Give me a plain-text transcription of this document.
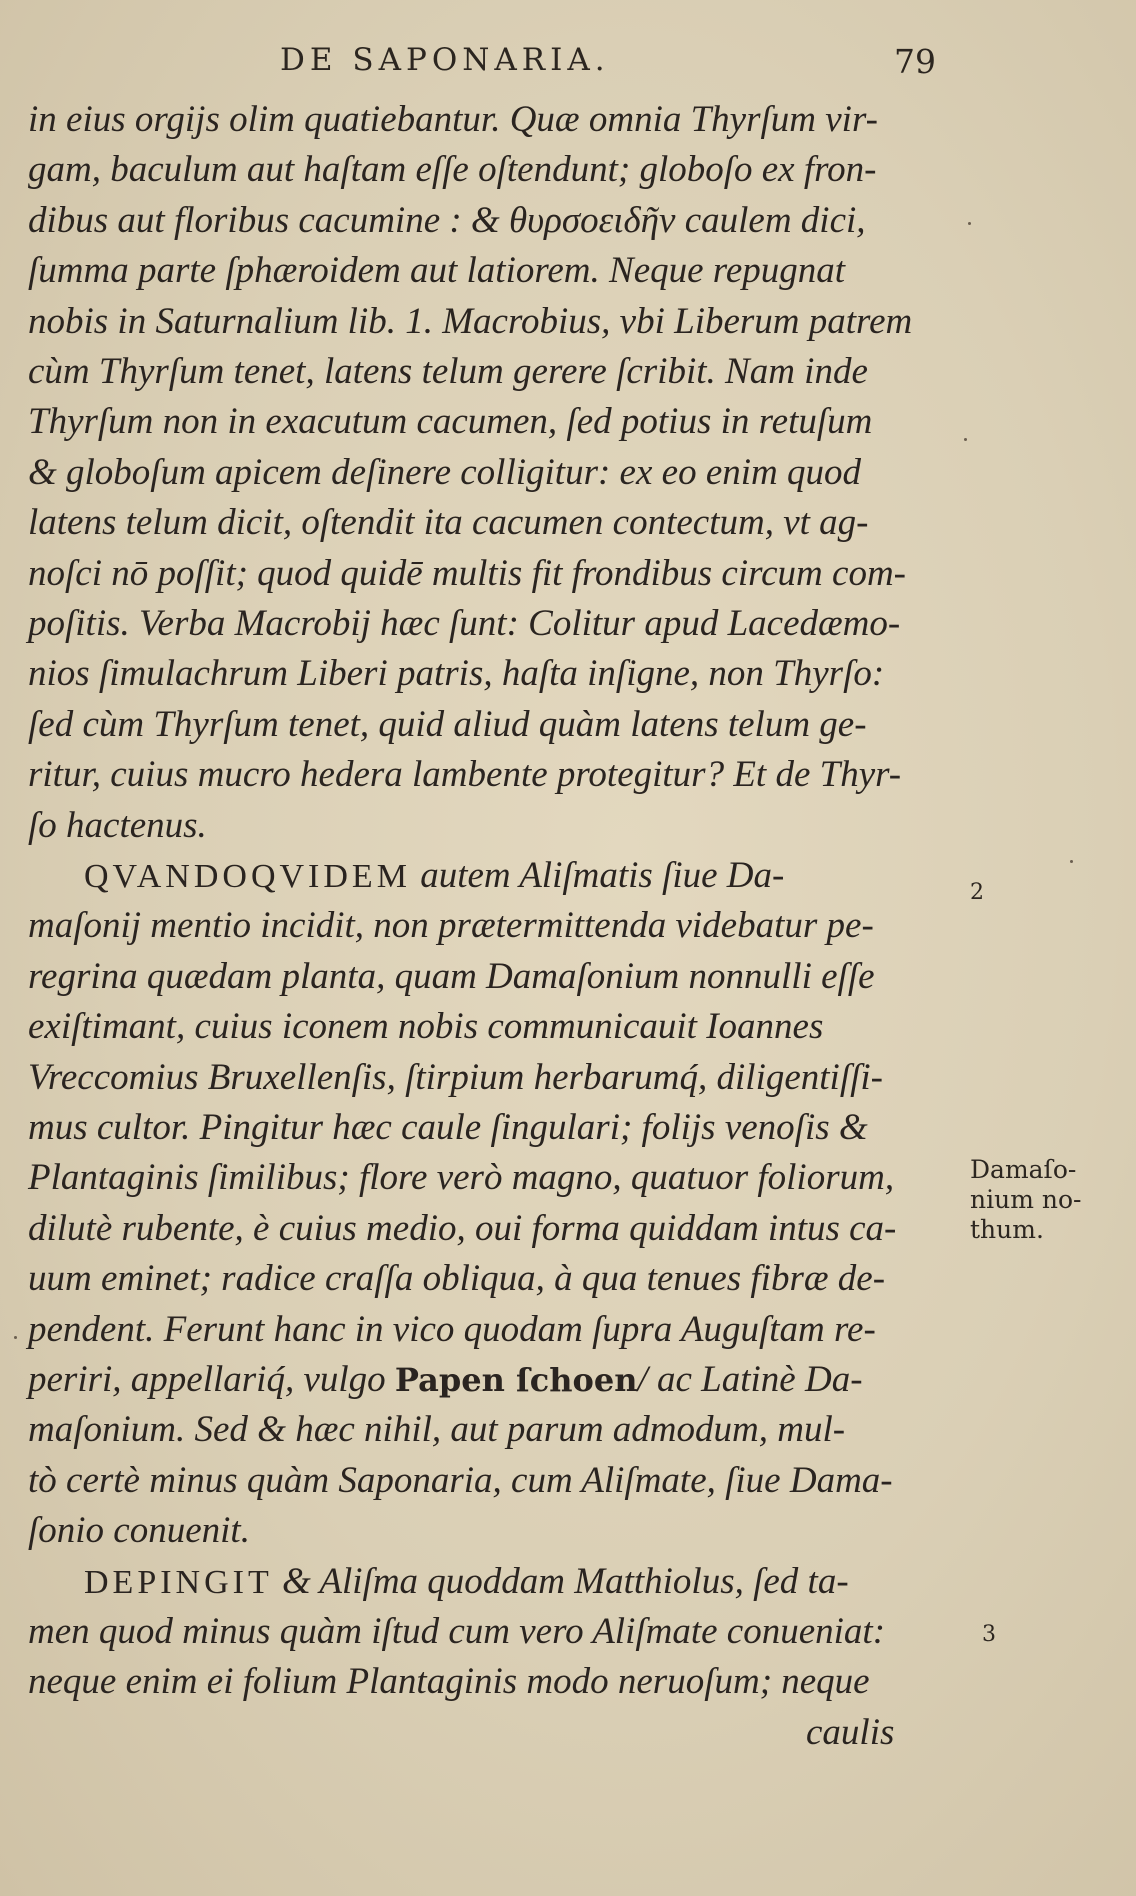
DE SAPONARIA.	79
in eius orgijs olim quatiebantur. Quæ omnia Thyrſum vir-
gam, baculum aut haſtam eſſe oſtendunt; globoſo ex fron-
dibus aut floribus cacumine : & θυρσοειδῆν caulem dici,
ſumma parte ſphæroidem aut latiorem. Neque repugnat
nobis in Saturnalium lib. 1. Macrobius, vbi Liberum patrem
cùm Thyrſum tenet, latens telum gerere ſcribit. Nam inde
Thyrſum non in exacutum cacumen, ſed potius in retuſum
& globoſum apicem deſinere colligitur: ex eo enim quod
latens telum dicit, oſtendit ita cacumen contectum, vt ag-
noſci nō poſſit; quod quidē multis fit frondibus circum com-
poſitis. Verba Macrobij hæc ſunt: Colitur apud Lacedæmo-
nios ſimulachrum Liberi patris, haſta inſigne, non Thyrſo:
ſed cùm Thyrſum tenet, quid aliud quàm latens telum ge-
ritur, cuius mucro hedera lambente protegitur? Et de Thyr-
ſo hactenus.
QVANDOQVIDEM autem Aliſmatis ſiue Da-
maſonij mentio incidit, non prætermittenda videbatur pe-
regrina quædam planta, quam Damaſonium nonnulli eſſe
exiſtimant, cuius iconem nobis communicauit Ioannes
Vreccomius Bruxellenſis, ſtirpium herbarumq́, diligentiſſi-
mus cultor. Pingitur hæc caule ſingulari; folijs venoſis &
Plantaginis ſimilibus; flore verò magno, quatuor foliorum,
dilutè rubente, è cuius medio, oui forma quiddam intus ca-
uum eminet; radice craſſa obliqua, à qua tenues fibræ de-
pendent. Ferunt hanc in vico quodam ſupra Auguſtam re-
periri, appellariq́, vulgo Papen ſchoen/ ac Latinè Da-
maſonium. Sed & hæc nihil, aut parum admodum, mul-
tò certè minus quàm Saponaria, cum Aliſmate, ſiue Dama-
ſonio conuenit.
DEPINGIT & Aliſma quoddam Matthiolus, ſed ta-
men quod minus quàm iſtud cum vero Aliſmate conueniat:
neque enim ei folium Plantaginis modo neruoſum; neque
caulis
2
3
Damaſo-
nium no-
thum.
